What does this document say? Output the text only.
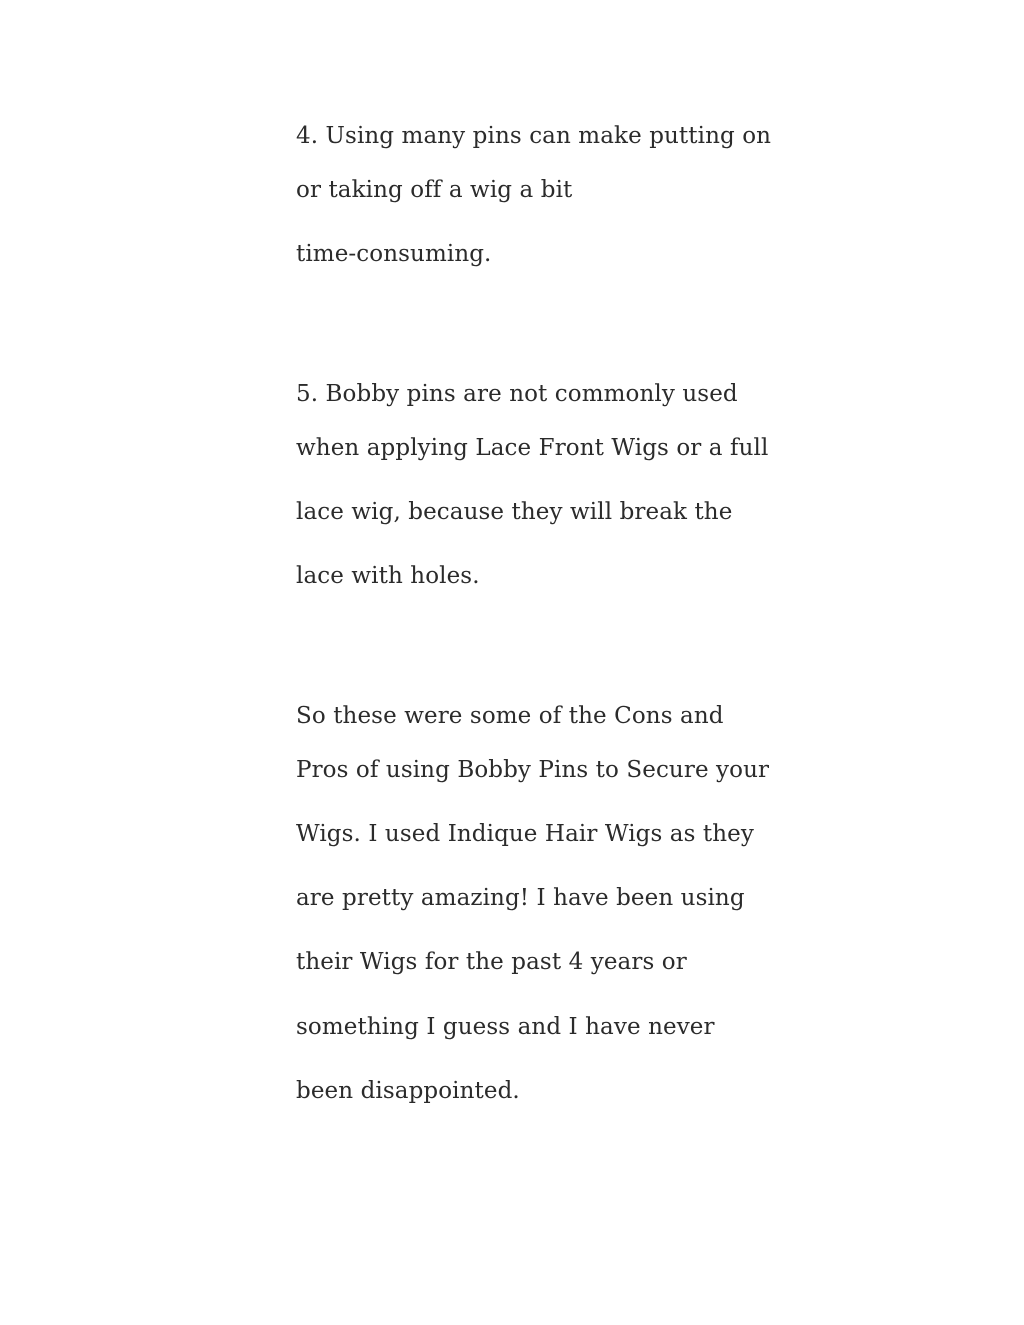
4. Using many pins can make putting on
or taking off a wig a bit
time-consuming.
5. Bobby pins are not commonly used
when applying Lace Front Wigs or a full
lace wig, because they will break the
lace with holes.
So these were some of the Cons and
Pros of using Bobby Pins to Secure your
Wigs. I used Indique Hair Wigs as they
are pretty amazing! I have been using
their Wigs for the past 4 years or
something I guess and I have never
been disappointed.
